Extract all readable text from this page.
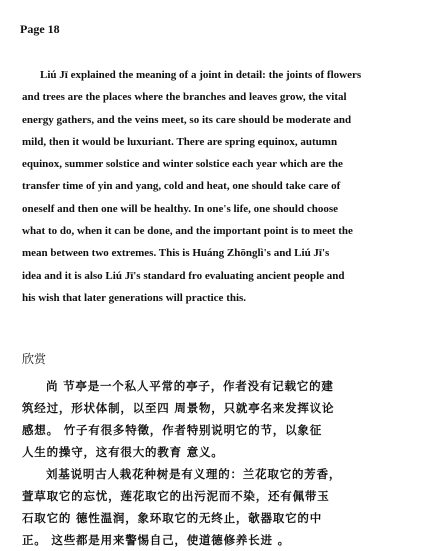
Page 18
Liú Jī explained the meaning of a joint in detail: the joints of flowers
and trees are the places where the branches and leaves grow, the vital
energy gathers, and the veins meet, so its care should be moderate and
mild, then it would be luxuriant. There are spring equinox, autumn
equinox, summer solstice and winter solstice each year which are the
transfer time of yin and yang, cold and heat, one should take care of
oneself and then one will be healthy. In one's life, one should choose
what to do, when it can be done, and the important point is to meet the
mean between two extremes. This is Huáng Zhōnglì's and Liú Jī's
idea and it is also Liú Jī's standard fro evaluating ancient people and
his wish that later generations will practice this.
欣赏
尚 节亭是一个私人平常的亭子，作者没有记载它的建
筑经过，形状体制，以至四 周景物，只就亭名来发挥议论
感想。 竹子有很多特徵，作者特别说明它的节，以象征
人生的操守，这有很大的教育 意义。
刘基说明古人栽花种树是有义理的：兰花取它的芳香，
萱草取它的忘忧，莲花取它的出污泥而不染，还有佩带玉
石取它的 德性温润，象环取它的无终止，欹器取它的中
正。 这些都是用来警惕自己，使道德修养长进 。
